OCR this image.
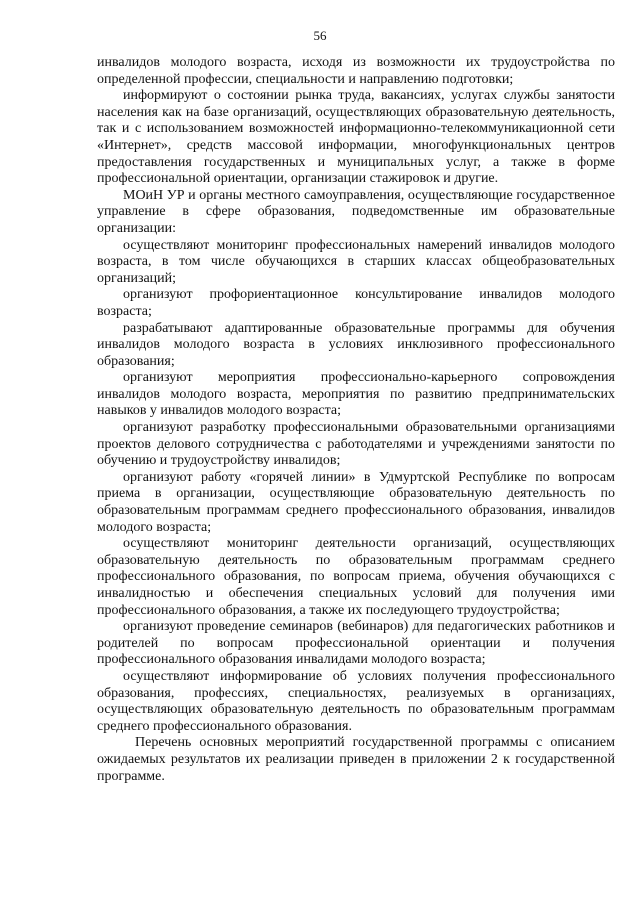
56

инвалидов молодого возраста, исходя из возможности их трудоустройства по определенной профессии, специальности и направлению подготовки;

информируют о состоянии рынка труда, вакансиях, услугах службы занятости населения как на базе организаций, осуществляющих образовательную деятельность, так и с использованием возможностей информационно-телекоммуникационной сети «Интернет», средств массовой информации, многофункциональных центров предоставления государственных и муниципальных услуг, а также в форме профессиональной ориентации, организации стажировок и другие.

МОиН УР и органы местного самоуправления, осуществляющие государственное управление в сфере образования, подведомственные им образовательные организации:

осуществляют мониторинг профессиональных намерений инвалидов молодого возраста, в том числе обучающихся в старших классах общеобразовательных организаций;

организуют профориентационное консультирование инвалидов молодого возраста;

разрабатывают адаптированные образовательные программы для обучения инвалидов молодого возраста в условиях инклюзивного профессионального образования;

организуют мероприятия профессионально-карьерного сопровождения инвалидов молодого возраста, мероприятия по развитию предпринимательских навыков у инвалидов молодого возраста;

организуют разработку профессиональными образовательными организациями проектов делового сотрудничества с работодателями и учреждениями занятости по обучению и трудоустройству инвалидов;

организуют работу «горячей линии» в Удмуртской Республике по вопросам приема в организации, осуществляющие образовательную деятельность по образовательным программам среднего профессионального образования, инвалидов молодого возраста;

осуществляют мониторинг деятельности организаций, осуществляющих образовательную деятельность по образовательным программам среднего профессионального образования, по вопросам приема, обучения обучающихся с инвалидностью и обеспечения специальных условий для получения ими профессионального образования, а также их последующего трудоустройства;

организуют проведение семинаров (вебинаров) для педагогических работников и родителей по вопросам профессиональной ориентации и получения профессионального образования инвалидами молодого возраста;

осуществляют информирование об условиях получения профессионального образования, профессиях, специальностях, реализуемых в организациях, осуществляющих образовательную деятельность по образовательным программам среднего профессионального образования.

Перечень основных мероприятий государственной программы с описанием ожидаемых результатов их реализации приведен в приложении 2 к государственной программе.
